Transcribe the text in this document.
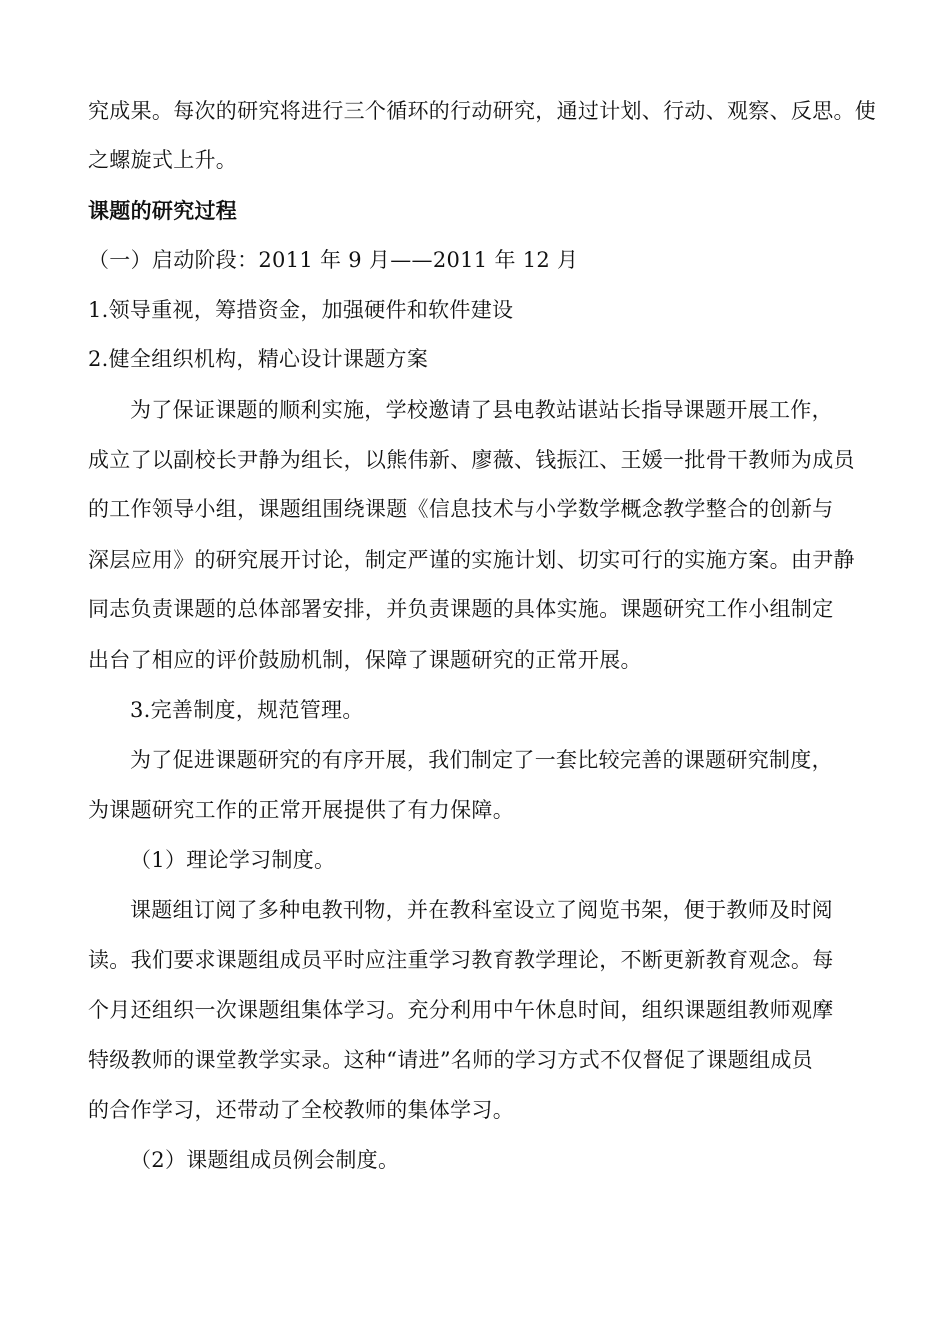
究成果。每次的研究将进行三个循环的行动研究，通过计划、行动、观察、反思。使
之螺旋式上升。
课题的研究过程
（一）启动阶段：2011 年 9 月——2011 年 12 月
1.领导重视，筹措资金，加强硬件和软件建设
2.健全组织机构，精心设计课题方案
为了保证课题的顺利实施，学校邀请了县电教站谌站长指导课题开展工作，
成立了以副校长尹静为组长，以熊伟新、廖薇、钱振江、王媛一批骨干教师为成员
的工作领导小组，课题组围绕课题《信息技术与小学数学概念教学整合的创新与
深层应用》的研究展开讨论，制定严谨的实施计划、切实可行的实施方案。由尹静
同志负责课题的总体部署安排，并负责课题的具体实施。课题研究工作小组制定
出台了相应的评价鼓励机制，保障了课题研究的正常开展。
3.完善制度，规范管理。
为了促进课题研究的有序开展，我们制定了一套比较完善的课题研究制度，
为课题研究工作的正常开展提供了有力保障。
（1）理论学习制度。
课题组订阅了多种电教刊物，并在教科室设立了阅览书架，便于教师及时阅
读。我们要求课题组成员平时应注重学习教育教学理论，不断更新教育观念。每
个月还组织一次课题组集体学习。充分利用中午休息时间，组织课题组教师观摩
特级教师的课堂教学实录。这种“请进”名师的学习方式不仅督促了课题组成员
的合作学习，还带动了全校教师的集体学习。
（2）课题组成员例会制度。
